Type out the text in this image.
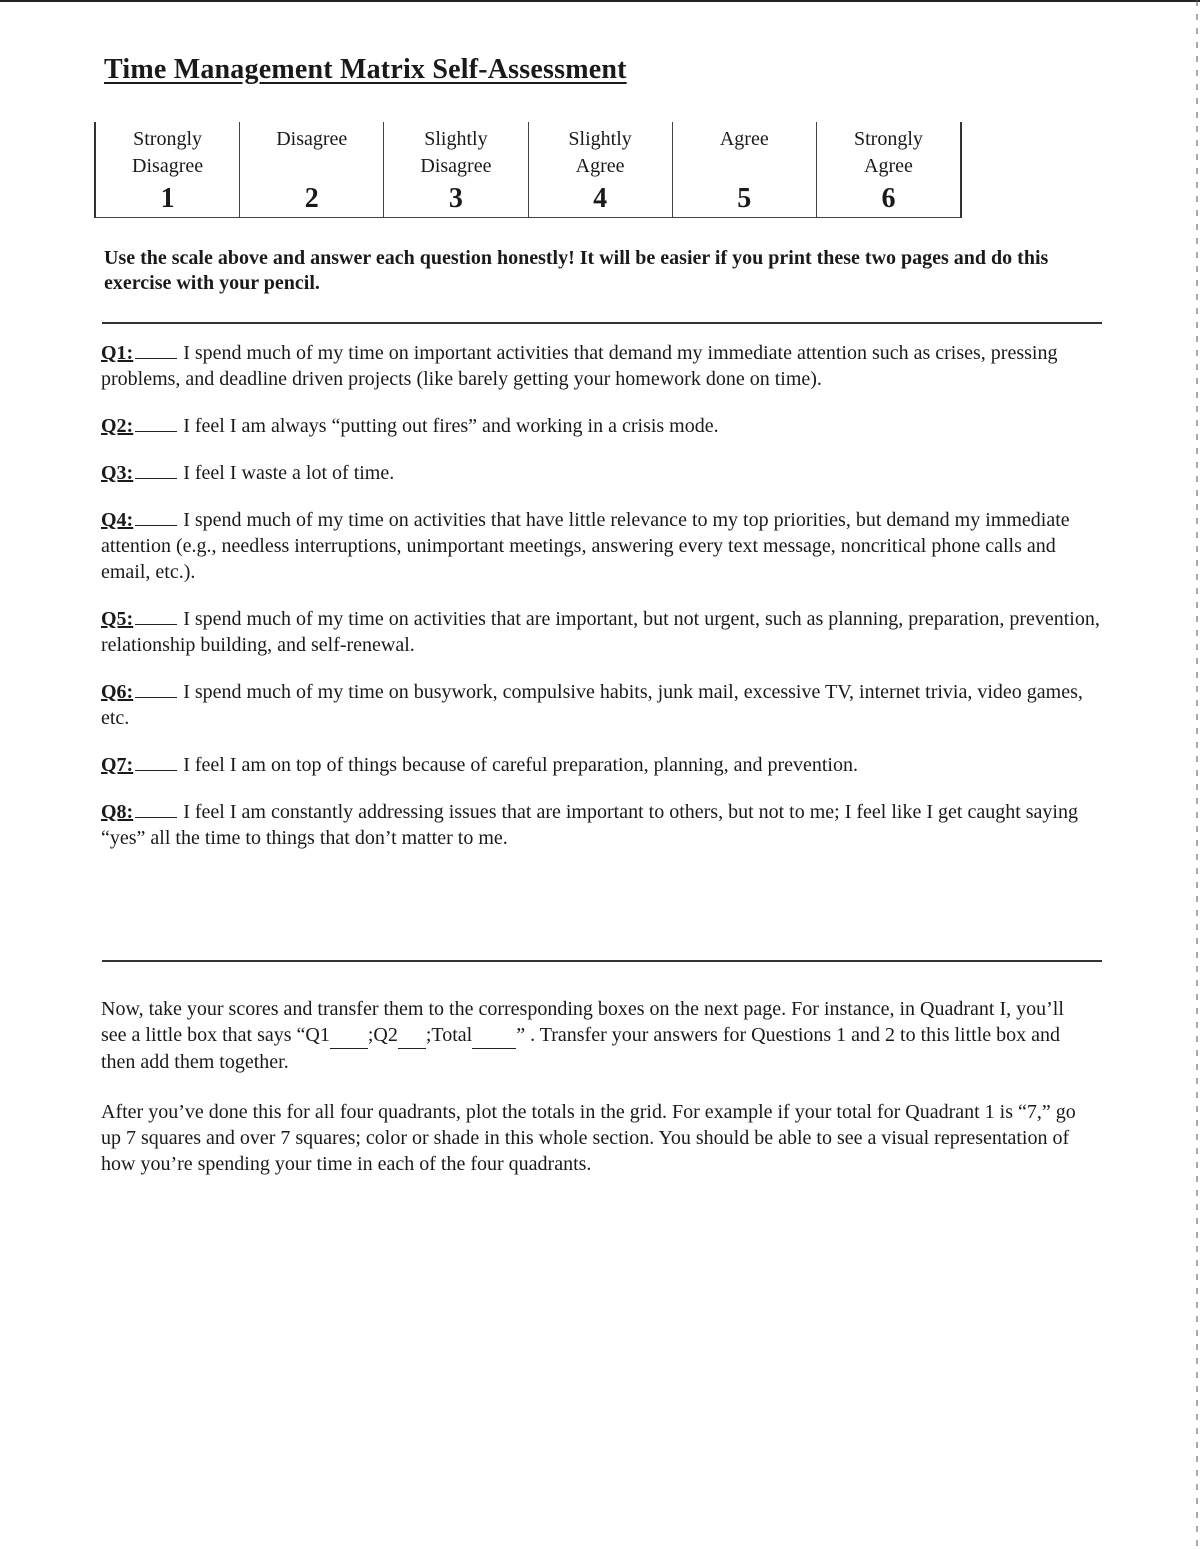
Time Management Matrix Self-Assessment
Strongly
Disagree
1
Disagree
2
Slightly
Disagree
3
Slightly
Agree
4
Agree
5
Strongly
Agree
6
Use the scale above and answer each question honestly! It will be easier if you print these two pages and do this exercise with your pencil.
Q1:	I spend much of my time on important activities that demand my immediate attention such as crises, pressing problems, and deadline driven projects (like barely getting your homework done on time).
Q2:	I feel I am always “putting out fires” and working in a crisis mode.
Q3:	I feel I waste a lot of time.
Q4:	I spend much of my time on activities that have little relevance to my top priorities, but demand my immediate attention (e.g., needless interruptions, unimportant meetings, answering every text message, noncritical phone calls and email, etc.).
Q5:	I spend much of my time on activities that are important, but not urgent, such as planning, preparation, prevention, relationship building, and self-renewal.
Q6:	I spend much of my time on busywork, compulsive habits, junk mail, excessive TV, internet trivia, video games, etc.
Q7:	I feel I am on top of things because of careful preparation, planning, and prevention.
Q8:	I feel I am constantly addressing issues that are important to others, but not to me; I feel like I get caught saying “yes” all the time to things that don’t matter to me.

Now, take your scores and transfer them to the corresponding boxes on the next page. For instance, in Quadrant I, you’ll see a little box that says “Q1 ;Q2 ;Total ” . Transfer your answers for Questions 1 and 2 to this little box and then add them together.

After you’ve done this for all four quadrants, plot the totals in the grid. For example if your total for Quadrant 1 is “7,” go up 7 squares and over 7 squares; color or shade in this whole section. You should be able to see a visual representation of how you’re spending your time in each of the four quadrants.
